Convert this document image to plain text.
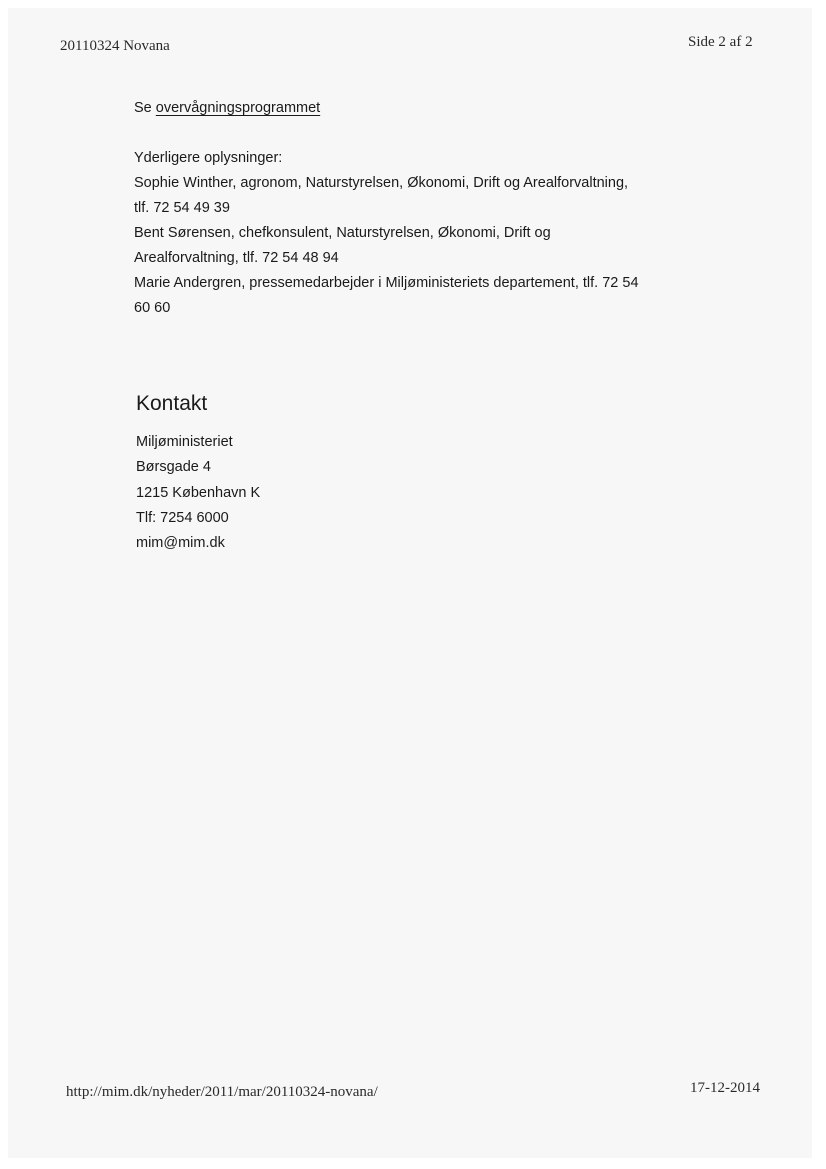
20110324 Novana	Side 2 af 2

Se overvågningsprogrammet

Yderligere oplysninger:
Sophie Winther, agronom, Naturstyrelsen, Økonomi, Drift og Arealforvaltning,
tlf. 72 54 49 39
Bent Sørensen, chefkonsulent, Naturstyrelsen, Økonomi, Drift og
Arealforvaltning, tlf. 72 54 48 94
Marie Andergren, pressemedarbejder i Miljøministeriets departement, tlf. 72 54
60 60
Kontakt
Miljøministeriet
Børsgade 4
1215 København K
Tlf: 7254 6000
mim@mim.dk
http://mim.dk/nyheder/2011/mar/20110324-novana/	17-12-2014
